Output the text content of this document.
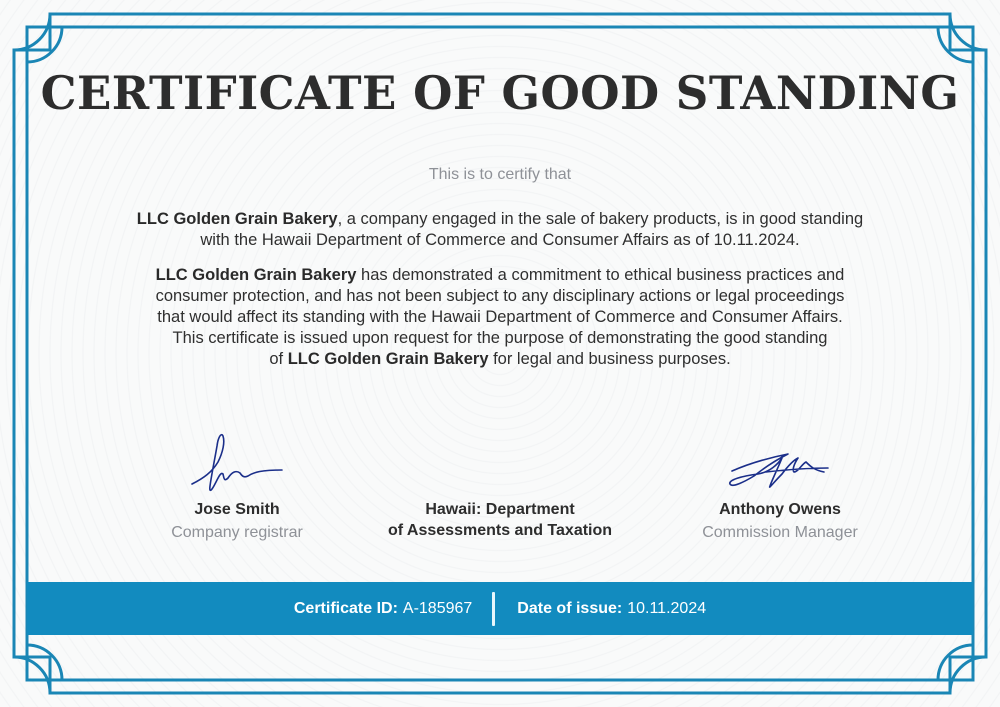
CERTIFICATE OF GOOD STANDING
This is to certify that
LLC Golden Grain Bakery, a company engaged in the sale of bakery products, is in good standing
with the Hawaii Department of Commerce and Consumer Affairs as of 10.11.2024.
LLC Golden Grain Bakery has demonstrated a commitment to ethical business practices and
consumer protection, and has not been subject to any disciplinary actions or legal proceedings
that would affect its standing with the Hawaii Department of Commerce and Consumer Affairs.
This certificate is issued upon request for the purpose of demonstrating the good standing
of LLC Golden Grain Bakery for legal and business purposes.
Jose Smith
Company registrar
Hawaii: Department
of Assessments and Taxation
Anthony Owens
Commission Manager
Certificate ID: A-185967	Date of issue: 10.11.2024
